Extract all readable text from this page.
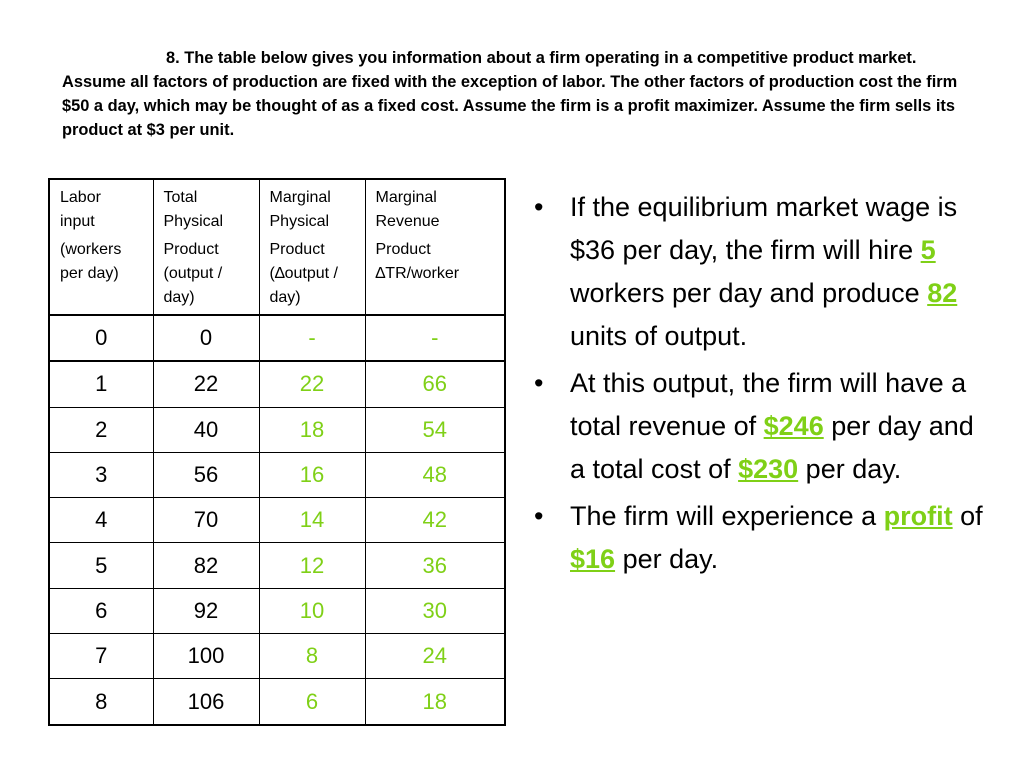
8. The table below gives you information about a firm operating in a competitive product market. Assume all factors of production are fixed with the exception of labor. The other factors of production cost the firm $50 a day, which may be thought of as a fixed cost. Assume the firm is a profit maximizer. Assume the firm sells its product at $3 per unit.
Labor
input
(workers
per day)	Total
Physical
Product
(output /
day)	Marginal
Physical
Product
(∆output /
day)	Marginal
Revenue
Product
∆TR/worker

0	0	-	-
1	22	22	66
2	40	18	54
3	56	16	48
4	70	14	42
5	82	12	36
6	92	10	30
7	100	8	24
8	106	6	18
• If the equilibrium market wage is $36 per day, the firm will hire 5 workers per day and produce 82 units of output.
• At this output, the firm will have a total revenue of $246 per day and a total cost of $230 per day.
• The firm will experience a profit of $16 per day.
